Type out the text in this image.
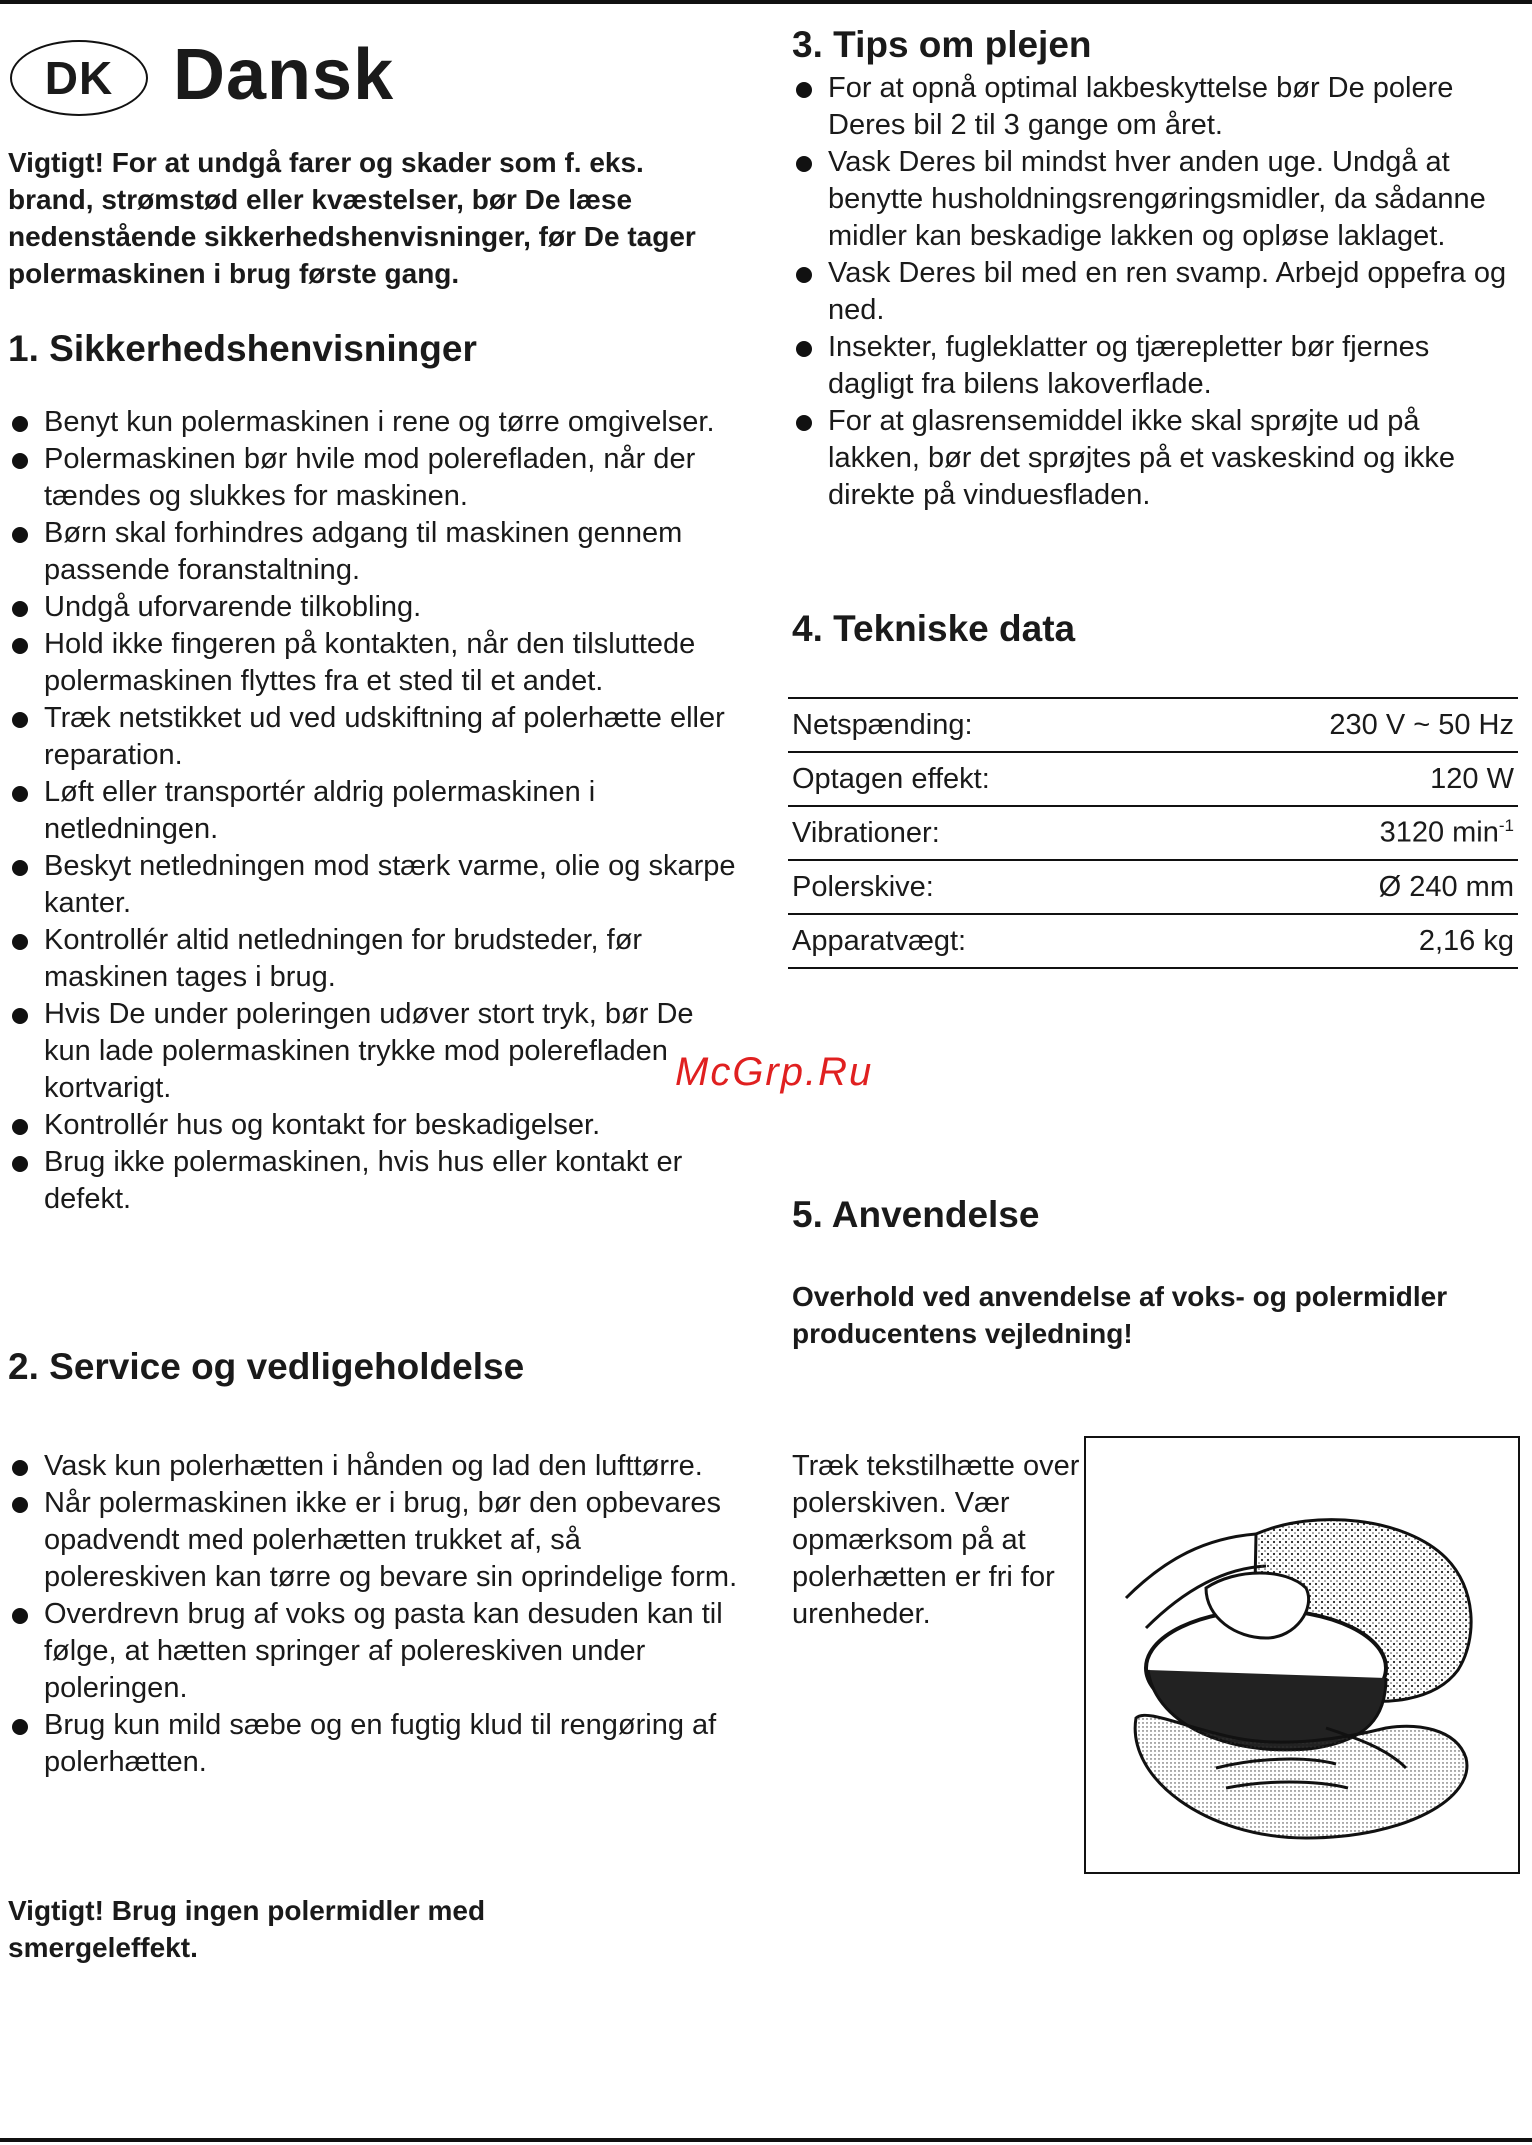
DK Dansk

Vigtigt! For at undgå farer og skader som f. eks. brand, strømstød eller kvæstelser, bør De læse nedenstående sikkerhedshenvisninger, før De tager polermaskinen i brug første gang.

1. Sikkerhedshenvisninger
Benyt kun polermaskinen i rene og tørre omgivelser.
Polermaskinen bør hvile mod polerefladen, når der tændes og slukkes for maskinen.
Børn skal forhindres adgang til maskinen gennem passende foranstaltning.
Undgå uforvarende tilkobling.
Hold ikke fingeren på kontakten, når den tilsluttede polermaskinen flyttes fra et sted til et andet.
Træk netstikket ud ved udskiftning af polerhætte eller reparation.
Løft eller transportér aldrig polermaskinen i netledningen.
Beskyt netledningen mod stærk varme, olie og skarpe kanter.
Kontrollér altid netledningen for brudsteder, før maskinen tages i brug.
Hvis De under poleringen udøver stort tryk, bør De kun lade polermaskinen trykke mod polerefladen kortvarigt.
Kontrollér hus og kontakt for beskadigelser.
Brug ikke polermaskinen, hvis hus eller kontakt er defekt.
2. Service og vedligeholdelse
Vask kun polerhætten i hånden og lad den lufttørre.
Når polermaskinen ikke er i brug, bør den opbevares opadvendt med polerhætten trukket af, så polereskiven kan tørre og bevare sin oprindelige form.
Overdrevn brug af voks og pasta kan desuden kan til følge, at hætten springer af polereskiven under poleringen.
Brug kun mild sæbe og en fugtig klud til rengøring af polerhætten.

Vigtigt! Brug ingen polermidler med smergeleffekt.

3. Tips om plejen
For at opnå optimal lakbeskyttelse bør De polere Deres bil 2 til 3 gange om året.
Vask Deres bil mindst hver anden uge. Undgå at benytte husholdningsrengøringsmidler, da sådanne midler kan beskadige lakken og opløse laklaget.
Vask Deres bil med en ren svamp. Arbejd oppefra og ned.
Insekter, fugleklatter og tjærepletter bør fjernes dagligt fra bilens lakoverflade.
For at glasrensemiddel ikke skal sprøjte ud på lakken, bør det sprøjtes på et vaskeskind og ikke direkte på vinduesfladen.
4. Tekniske data
Netspænding:	230 V ~ 50 Hz
Optagen effekt:	120 W
Vibrationer:	3120 $\min^{-1}$
Polerskive:	Ø 240 mm
Apparatvægt:	2,16 kg
5. Anvendelse

Overhold ved anvendelse af voks- og polermidler producentens vejledning!

Træk tekstilhætte over polerskiven. Vær opmærksom på at polerhætten er fri for urenheder.

McGrp.Ru
